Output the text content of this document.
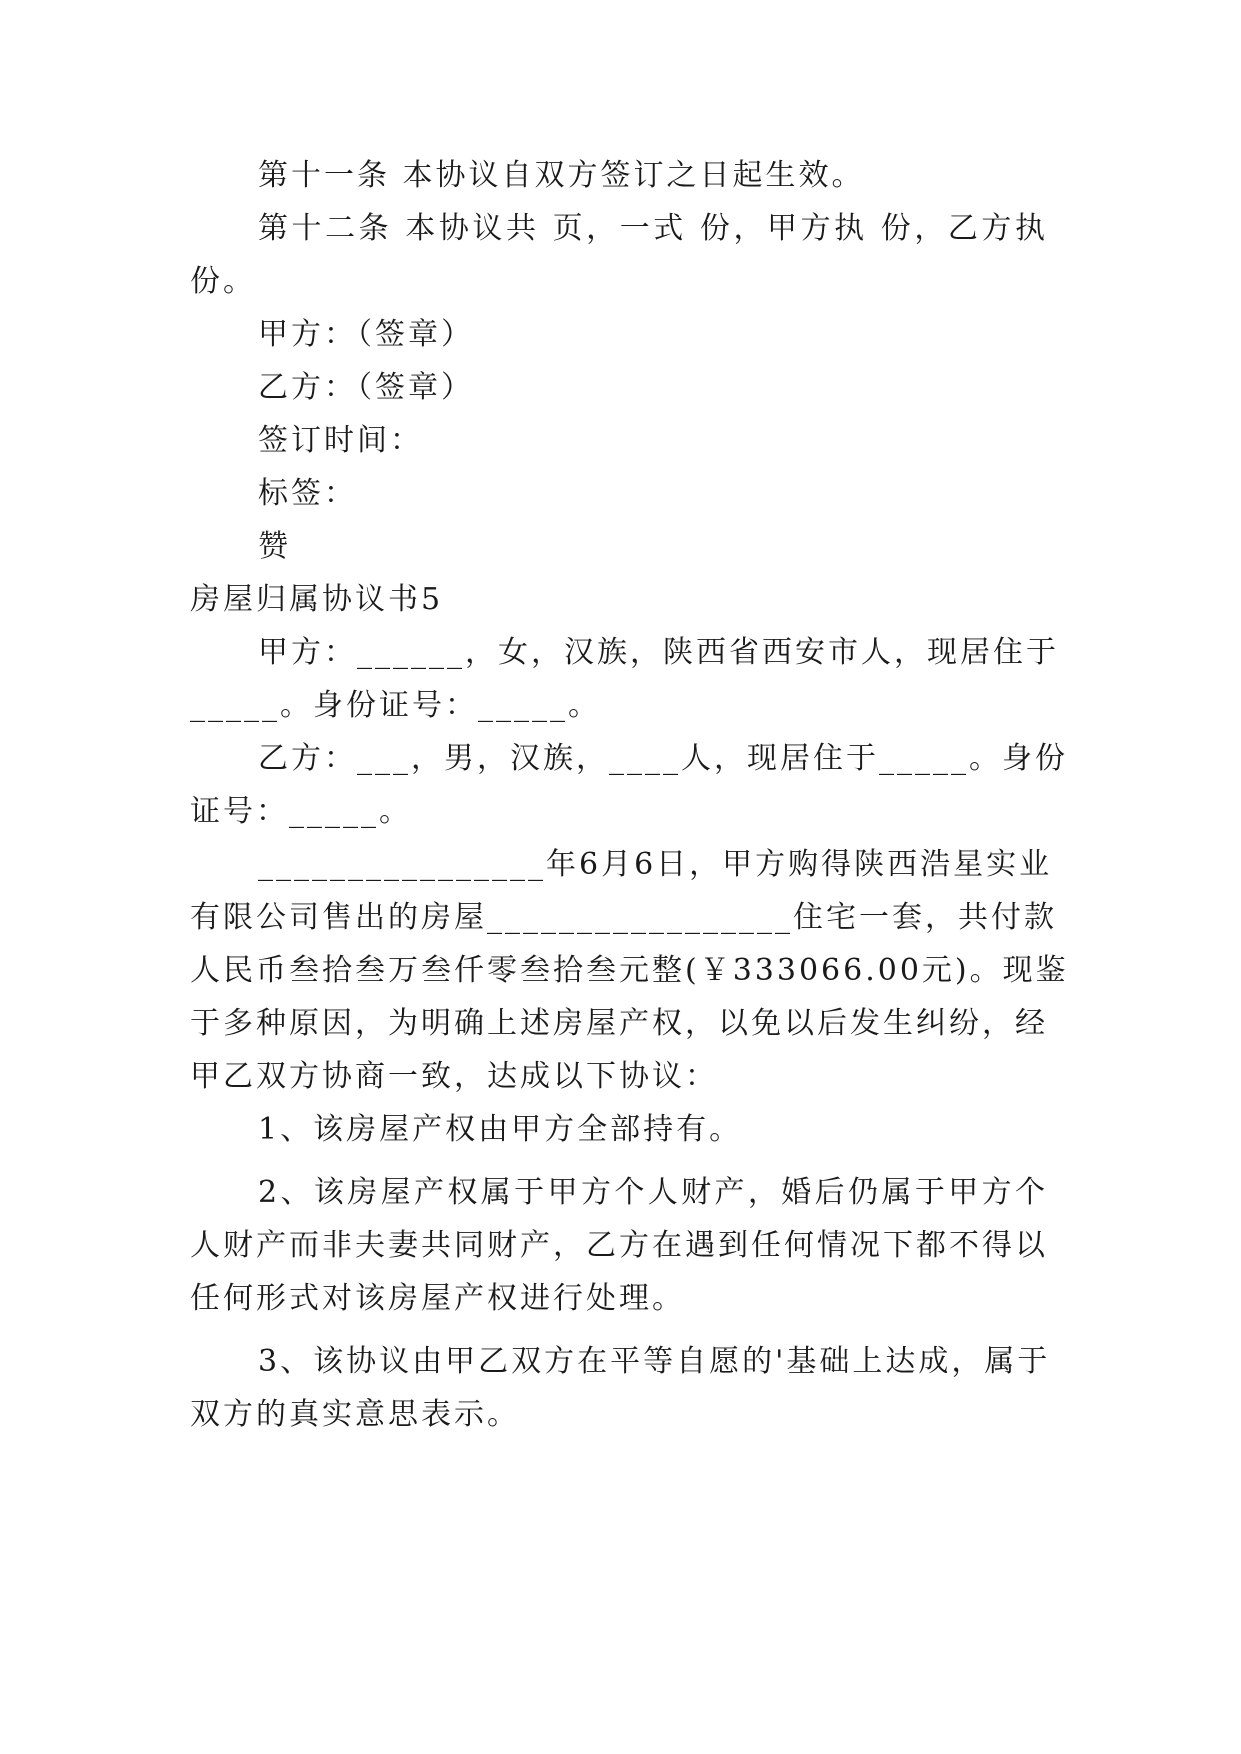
第十一条 本协议自双方签订之日起生效。
第十二条 本协议共 页，一式 份，甲方执 份，乙方执
份。
甲方：（签章）
乙方：（签章）
签订时间：
标签：
赞
房屋归属协议书5
甲方：______，女，汉族，陕西省西安市人，现居住于
_____。身份证号：_____。
乙方：___，男，汉族，____人，现居住于_____。身份
证号：_____。
________________年6月6日，甲方购得陕西浩星实业
有限公司售出的房屋_________________住宅一套，共付款
人民币叁拾叁万叁仟零叁拾叁元整(￥333066.00元)。现鉴
于多种原因，为明确上述房屋产权，以免以后发生纠纷，经
甲乙双方协商一致，达成以下协议：
1、该房屋产权由甲方全部持有。
2、该房屋产权属于甲方个人财产，婚后仍属于甲方个
人财产而非夫妻共同财产，乙方在遇到任何情况下都不得以
任何形式对该房屋产权进行处理。
3、该协议由甲乙双方在平等自愿的'基础上达成，属于
双方的真实意思表示。
